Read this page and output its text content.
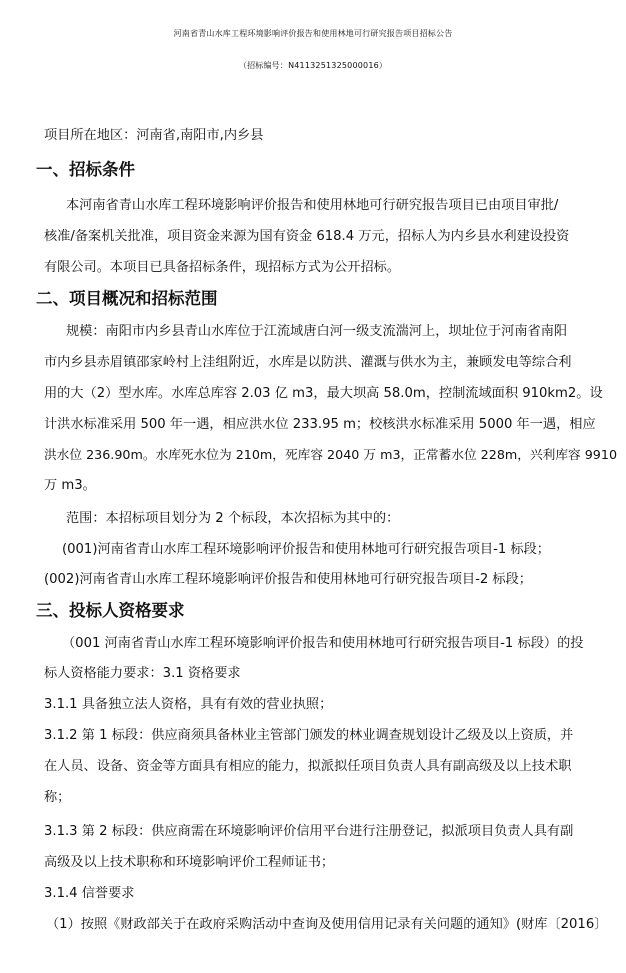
河南省青山水库工程环境影响评价报告和使用林地可行研究报告项目招标公告
（招标编号：N4113251325000016）
项目所在地区：河南省,南阳市,内乡县
一、招标条件
本河南省青山水库工程环境影响评价报告和使用林地可行研究报告项目已由项目审批/
核准/备案机关批准，项目资金来源为国有资金 618.4 万元，招标人为内乡县水利建设投资
有限公司。本项目已具备招标条件，现招标方式为公开招标。
二、项目概况和招标范围
规模：南阳市内乡县青山水库位于江流域唐白河一级支流湍河上，坝址位于河南省南阳
市内乡县赤眉镇邵家岭村上洼组附近，水库是以防洪、灌溉与供水为主，兼顾发电等综合利
用的大（2）型水库。水库总库容 2.03 亿 m3，最大坝高 58.0m，控制流域面积 910km2。设
计洪水标准采用 500 年一遇，相应洪水位 233.95 m；校核洪水标准采用 5000 年一遇，相应
洪水位 236.90m。水库死水位为 210m，死库容 2040 万 m3，正常蓄水位 228m，兴利库容 9910
万 m3。
范围：本招标项目划分为 2 个标段，本次招标为其中的：
(001)河南省青山水库工程环境影响评价报告和使用林地可行研究报告项目-1 标段；
(002)河南省青山水库工程环境影响评价报告和使用林地可行研究报告项目-2 标段；
三、投标人资格要求
（001 河南省青山水库工程环境影响评价报告和使用林地可行研究报告项目-1 标段）的投
标人资格能力要求：3.1 资格要求
3.1.1 具备独立法人资格，具有有效的营业执照；
3.1.2 第 1 标段：供应商须具备林业主管部门颁发的林业调查规划设计乙级及以上资质，并
在人员、设备、资金等方面具有相应的能力，拟派拟任项目负责人具有副高级及以上技术职
称；
3.1.3 第 2 标段：供应商需在环境影响评价信用平台进行注册登记，拟派项目负责人具有副
高级及以上技术职称和环境影响评价工程师证书；
3.1.4 信誉要求
（1）按照《财政部关于在政府采购活动中查询及使用信用记录有关问题的通知》(财库〔2016〕
